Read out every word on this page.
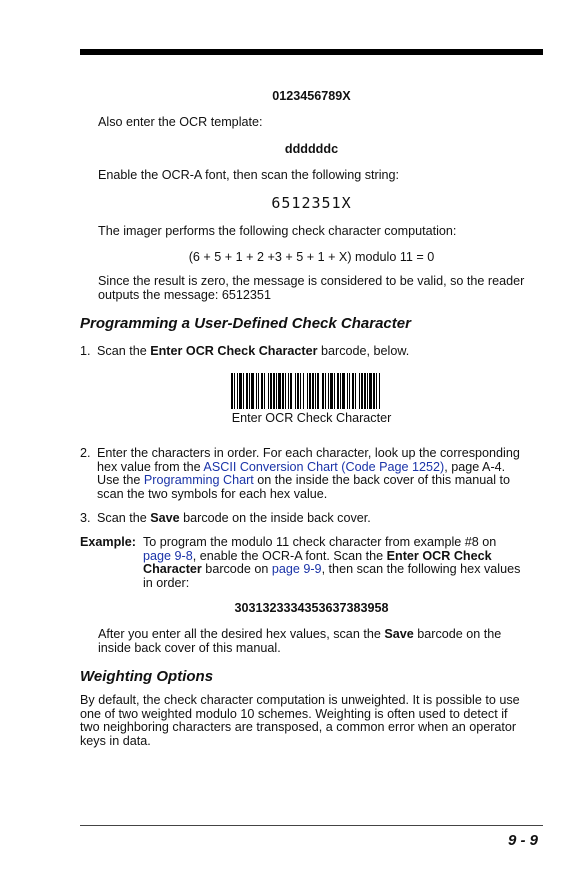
0123456789X
Also enter the OCR template:
ddddddc
Enable the OCR-A font, then scan the following string:
6512351X
The imager performs the following check character computation:
(6 + 5 + 1 + 2 +3 + 5 + 1 + X) modulo 11 = 0
Since the result is zero, the message is considered to be valid, so the reader
outputs the message: 6512351
Programming a User-Defined Check Character
1. Scan the Enter OCR Check Character barcode, below.
Enter OCR Check Character
2. Enter the characters in order. For each character, look up the corresponding
hex value from the ASCII Conversion Chart (Code Page 1252), page A-4.
Use the Programming Chart on the inside the back cover of this manual to
scan the two symbols for each hex value.
3. Scan the Save barcode on the inside back cover.
Example: To program the modulo 11 check character from example #8 on
page 9-8, enable the OCR-A font. Scan the Enter OCR Check
Character barcode on page 9-9, then scan the following hex values
in order:
3031323334353637383958
After you enter all the desired hex values, scan the Save barcode on the
inside back cover of this manual.
Weighting Options
By default, the check character computation is unweighted. It is possible to use
one of two weighted modulo 10 schemes. Weighting is often used to detect if
two neighboring characters are transposed, a common error when an operator
keys in data.
9 - 9
